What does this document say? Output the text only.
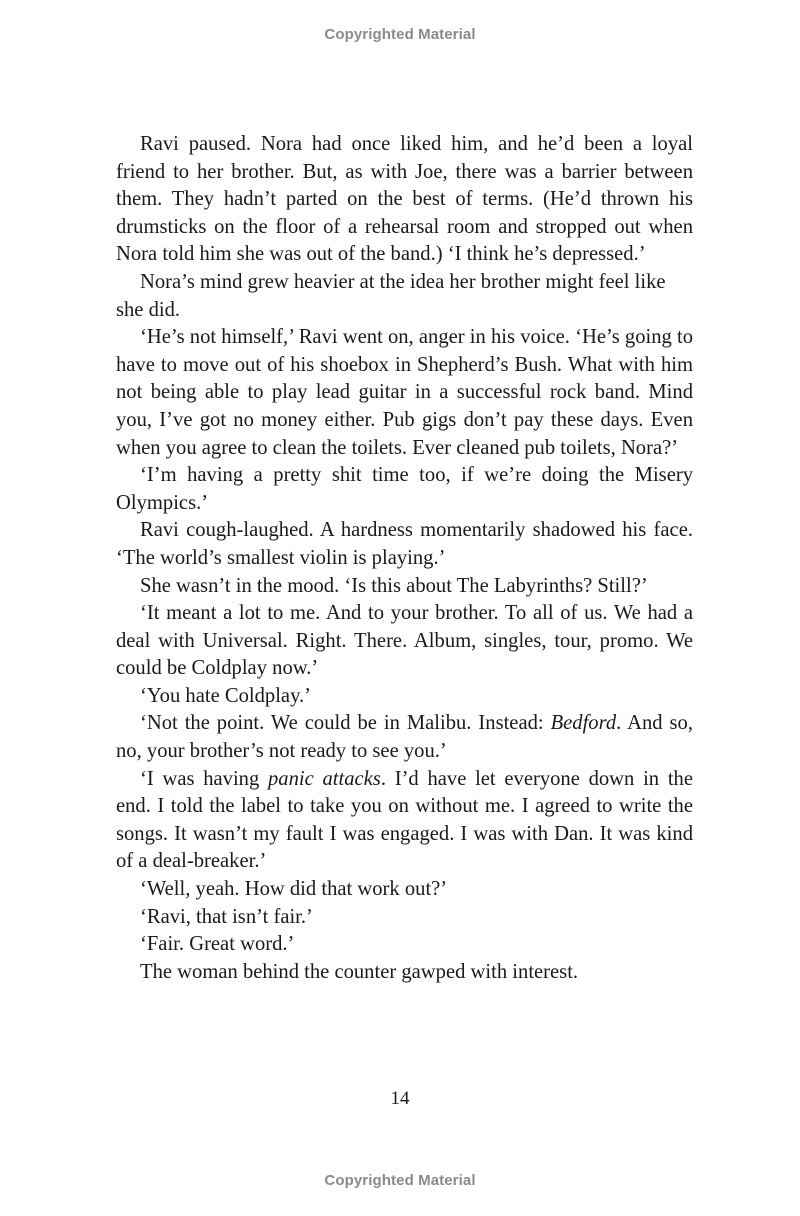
Copyrighted Material

Ravi paused. Nora had once liked him, and he’d been a loyal friend to her brother. But, as with Joe, there was a barrier between them. They hadn’t parted on the best of terms. (He’d thrown his drumsticks on the floor of a rehearsal room and stropped out when Nora told him she was out of the band.) ‘I think he’s depressed.’

Nora’s mind grew heavier at the idea her brother might feel like she did.

‘He’s not himself,’ Ravi went on, anger in his voice. ‘He’s going to have to move out of his shoebox in Shepherd’s Bush. What with him not being able to play lead guitar in a successful rock band. Mind you, I’ve got no money either. Pub gigs don’t pay these days. Even when you agree to clean the toilets. Ever cleaned pub toilets, Nora?’

‘I’m having a pretty shit time too, if we’re doing the Misery Olympics.’

Ravi cough-laughed. A hardness momentarily shadowed his face. ‘The world’s smallest violin is playing.’

She wasn’t in the mood. ‘Is this about The Labyrinths? Still?’

‘It meant a lot to me. And to your brother. To all of us. We had a deal with Universal. Right. There. Album, singles, tour, promo. We could be Coldplay now.’

‘You hate Coldplay.’

‘Not the point. We could be in Malibu. Instead: Bedford. And so, no, your brother’s not ready to see you.’

‘I was having panic attacks. I’d have let everyone down in the end. I told the label to take you on without me. I agreed to write the songs. It wasn’t my fault I was engaged. I was with Dan. It was kind of a deal-breaker.’

‘Well, yeah. How did that work out?’

‘Ravi, that isn’t fair.’

‘Fair. Great word.’

The woman behind the counter gawped with interest.

14
Copyrighted Material
